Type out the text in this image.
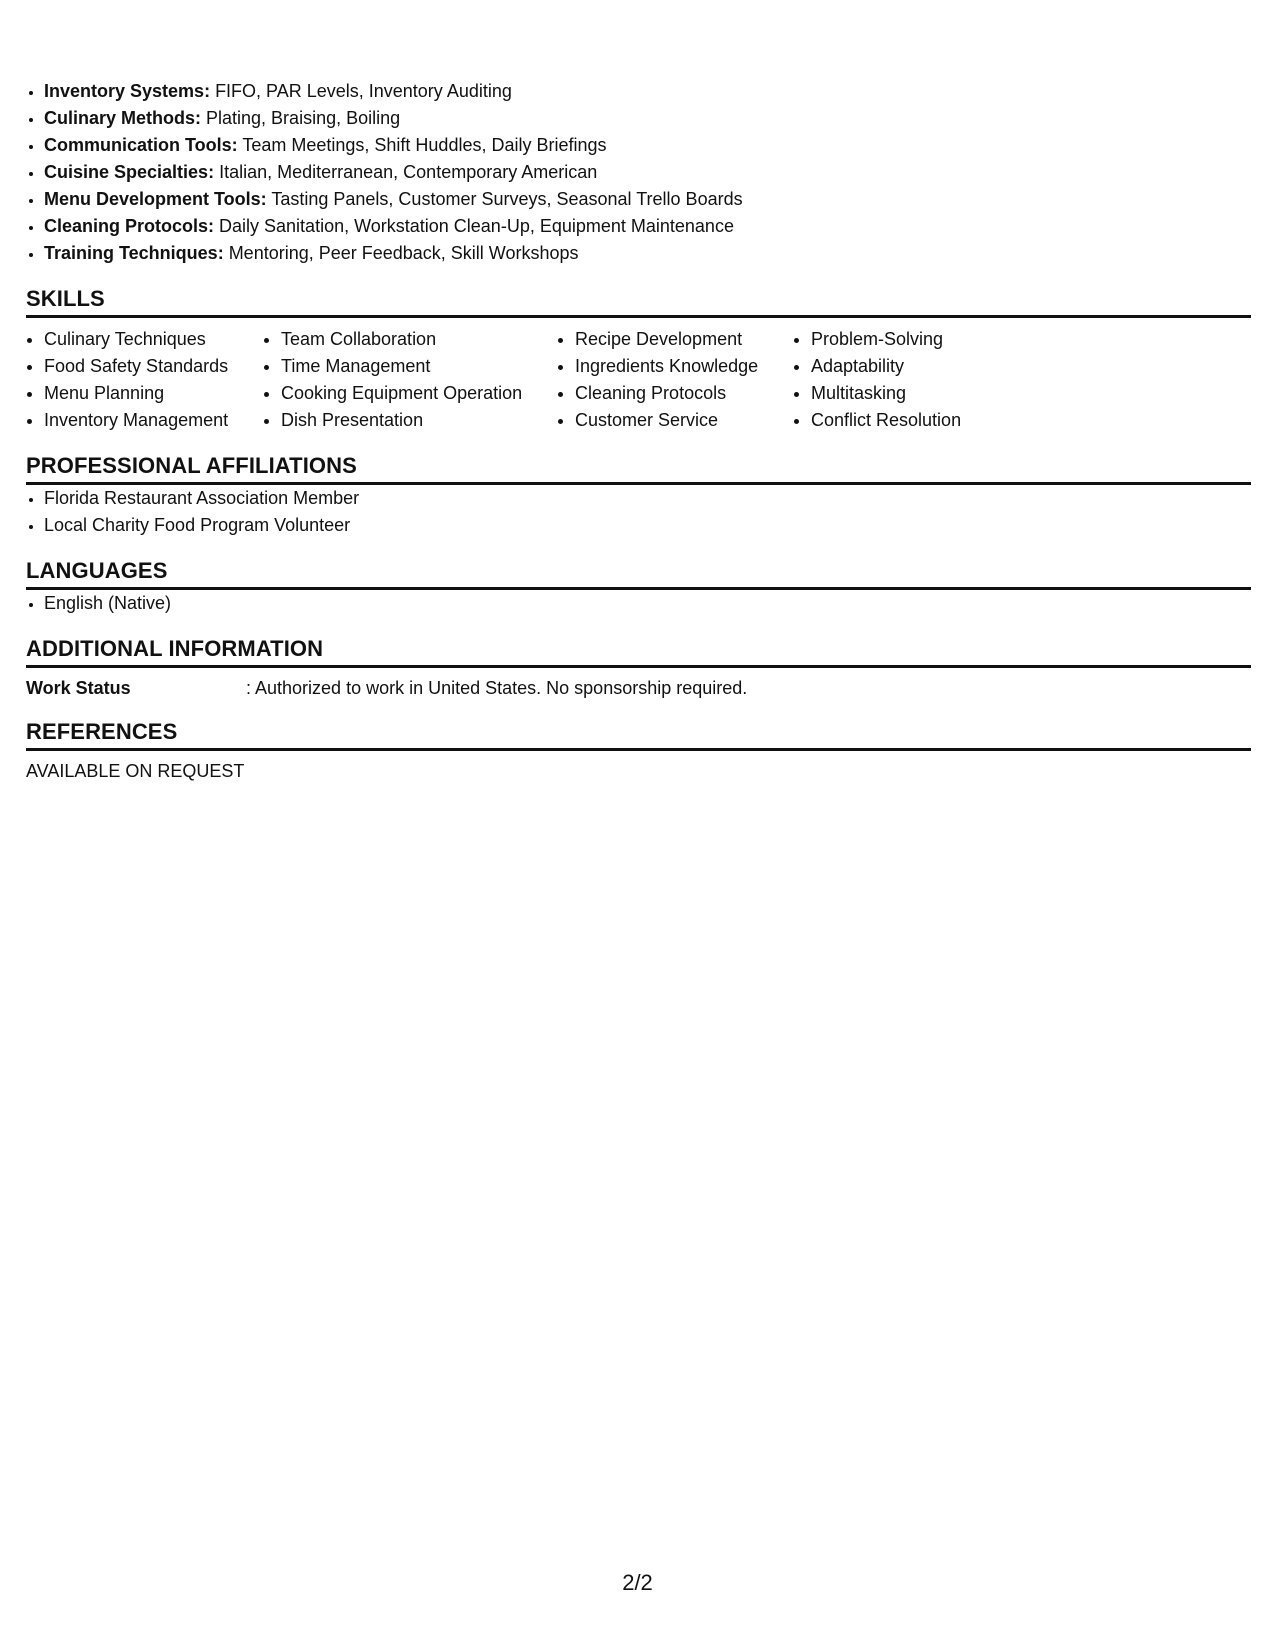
• Inventory Systems: FIFO, PAR Levels, Inventory Auditing
• Culinary Methods: Plating, Braising, Boiling
• Communication Tools: Team Meetings, Shift Huddles, Daily Briefings
• Cuisine Specialties: Italian, Mediterranean, Contemporary American
• Menu Development Tools: Tasting Panels, Customer Surveys, Seasonal Trello Boards
• Cleaning Protocols: Daily Sanitation, Workstation Clean-Up, Equipment Maintenance
• Training Techniques: Mentoring, Peer Feedback, Skill Workshops
SKILLS
• Culinary Techniques
• Food Safety Standards
• Menu Planning
• Inventory Management
• Team Collaboration
• Time Management
• Cooking Equipment Operation
• Dish Presentation
• Recipe Development
• Ingredients Knowledge
• Cleaning Protocols
• Customer Service
• Problem-Solving
• Adaptability
• Multitasking
• Conflict Resolution
PROFESSIONAL AFFILIATIONS
• Florida Restaurant Association Member
• Local Charity Food Program Volunteer
LANGUAGES
• English (Native)
ADDITIONAL INFORMATION
Work Status	: Authorized to work in United States. No sponsorship required.
REFERENCES
AVAILABLE ON REQUEST
2/2
